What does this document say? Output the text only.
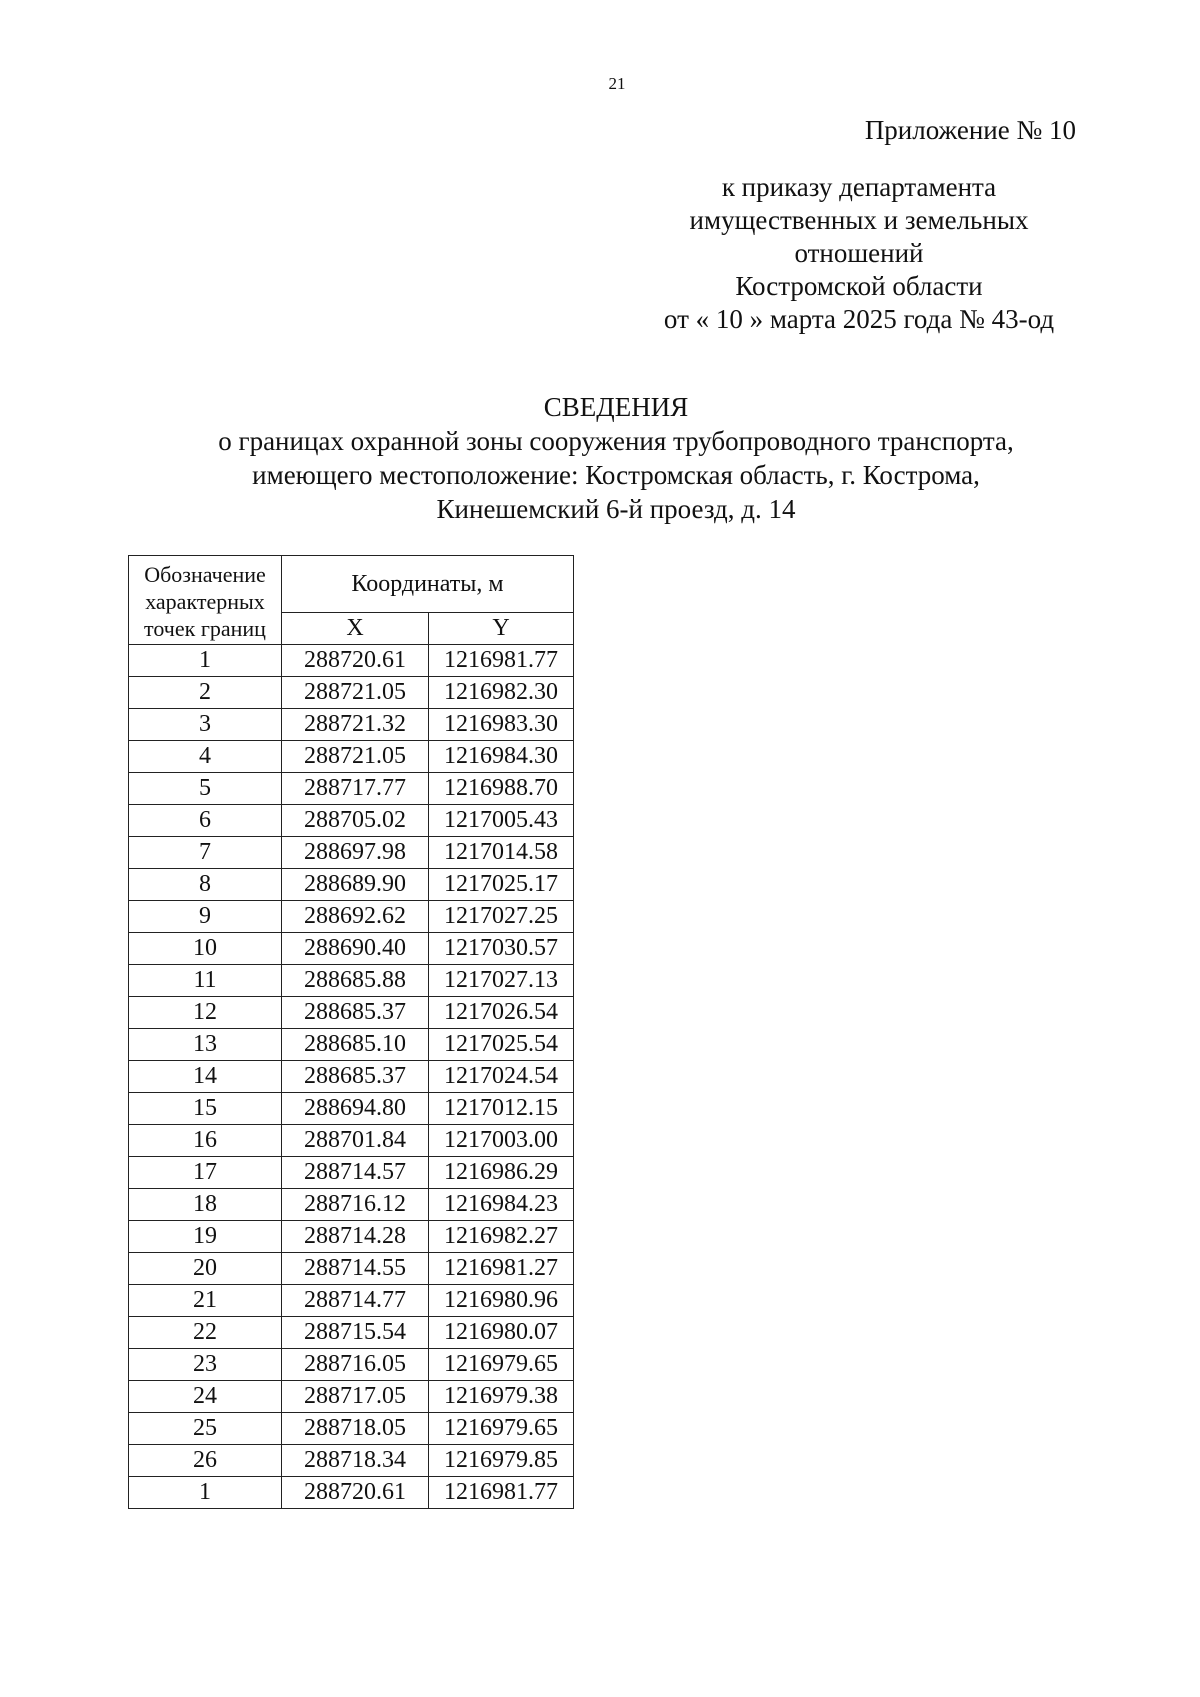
21
Приложение № 10
к приказу департамента
имущественных и земельных
отношений
Костромской области
от « 10 » марта 2025 года № 43-од
СВЕДЕНИЯ
о границах охранной зоны сооружения трубопроводного транспорта,
имеющего местоположение: Костромская область, г. Кострома,
Кинешемский 6-й проезд, д. 14
Обозначение характерных точек границ	Координаты, м	
	X	Y
1	288720.61	1216981.77
2	288721.05	1216982.30
3	288721.32	1216983.30
4	288721.05	1216984.30
5	288717.77	1216988.70
6	288705.02	1217005.43
7	288697.98	1217014.58
8	288689.90	1217025.17
9	288692.62	1217027.25
10	288690.40	1217030.57
11	288685.88	1217027.13
12	288685.37	1217026.54
13	288685.10	1217025.54
14	288685.37	1217024.54
15	288694.80	1217012.15
16	288701.84	1217003.00
17	288714.57	1216986.29
18	288716.12	1216984.23
19	288714.28	1216982.27
20	288714.55	1216981.27
21	288714.77	1216980.96
22	288715.54	1216980.07
23	288716.05	1216979.65
24	288717.05	1216979.38
25	288718.05	1216979.65
26	288718.34	1216979.85
1	288720.61	1216981.77
